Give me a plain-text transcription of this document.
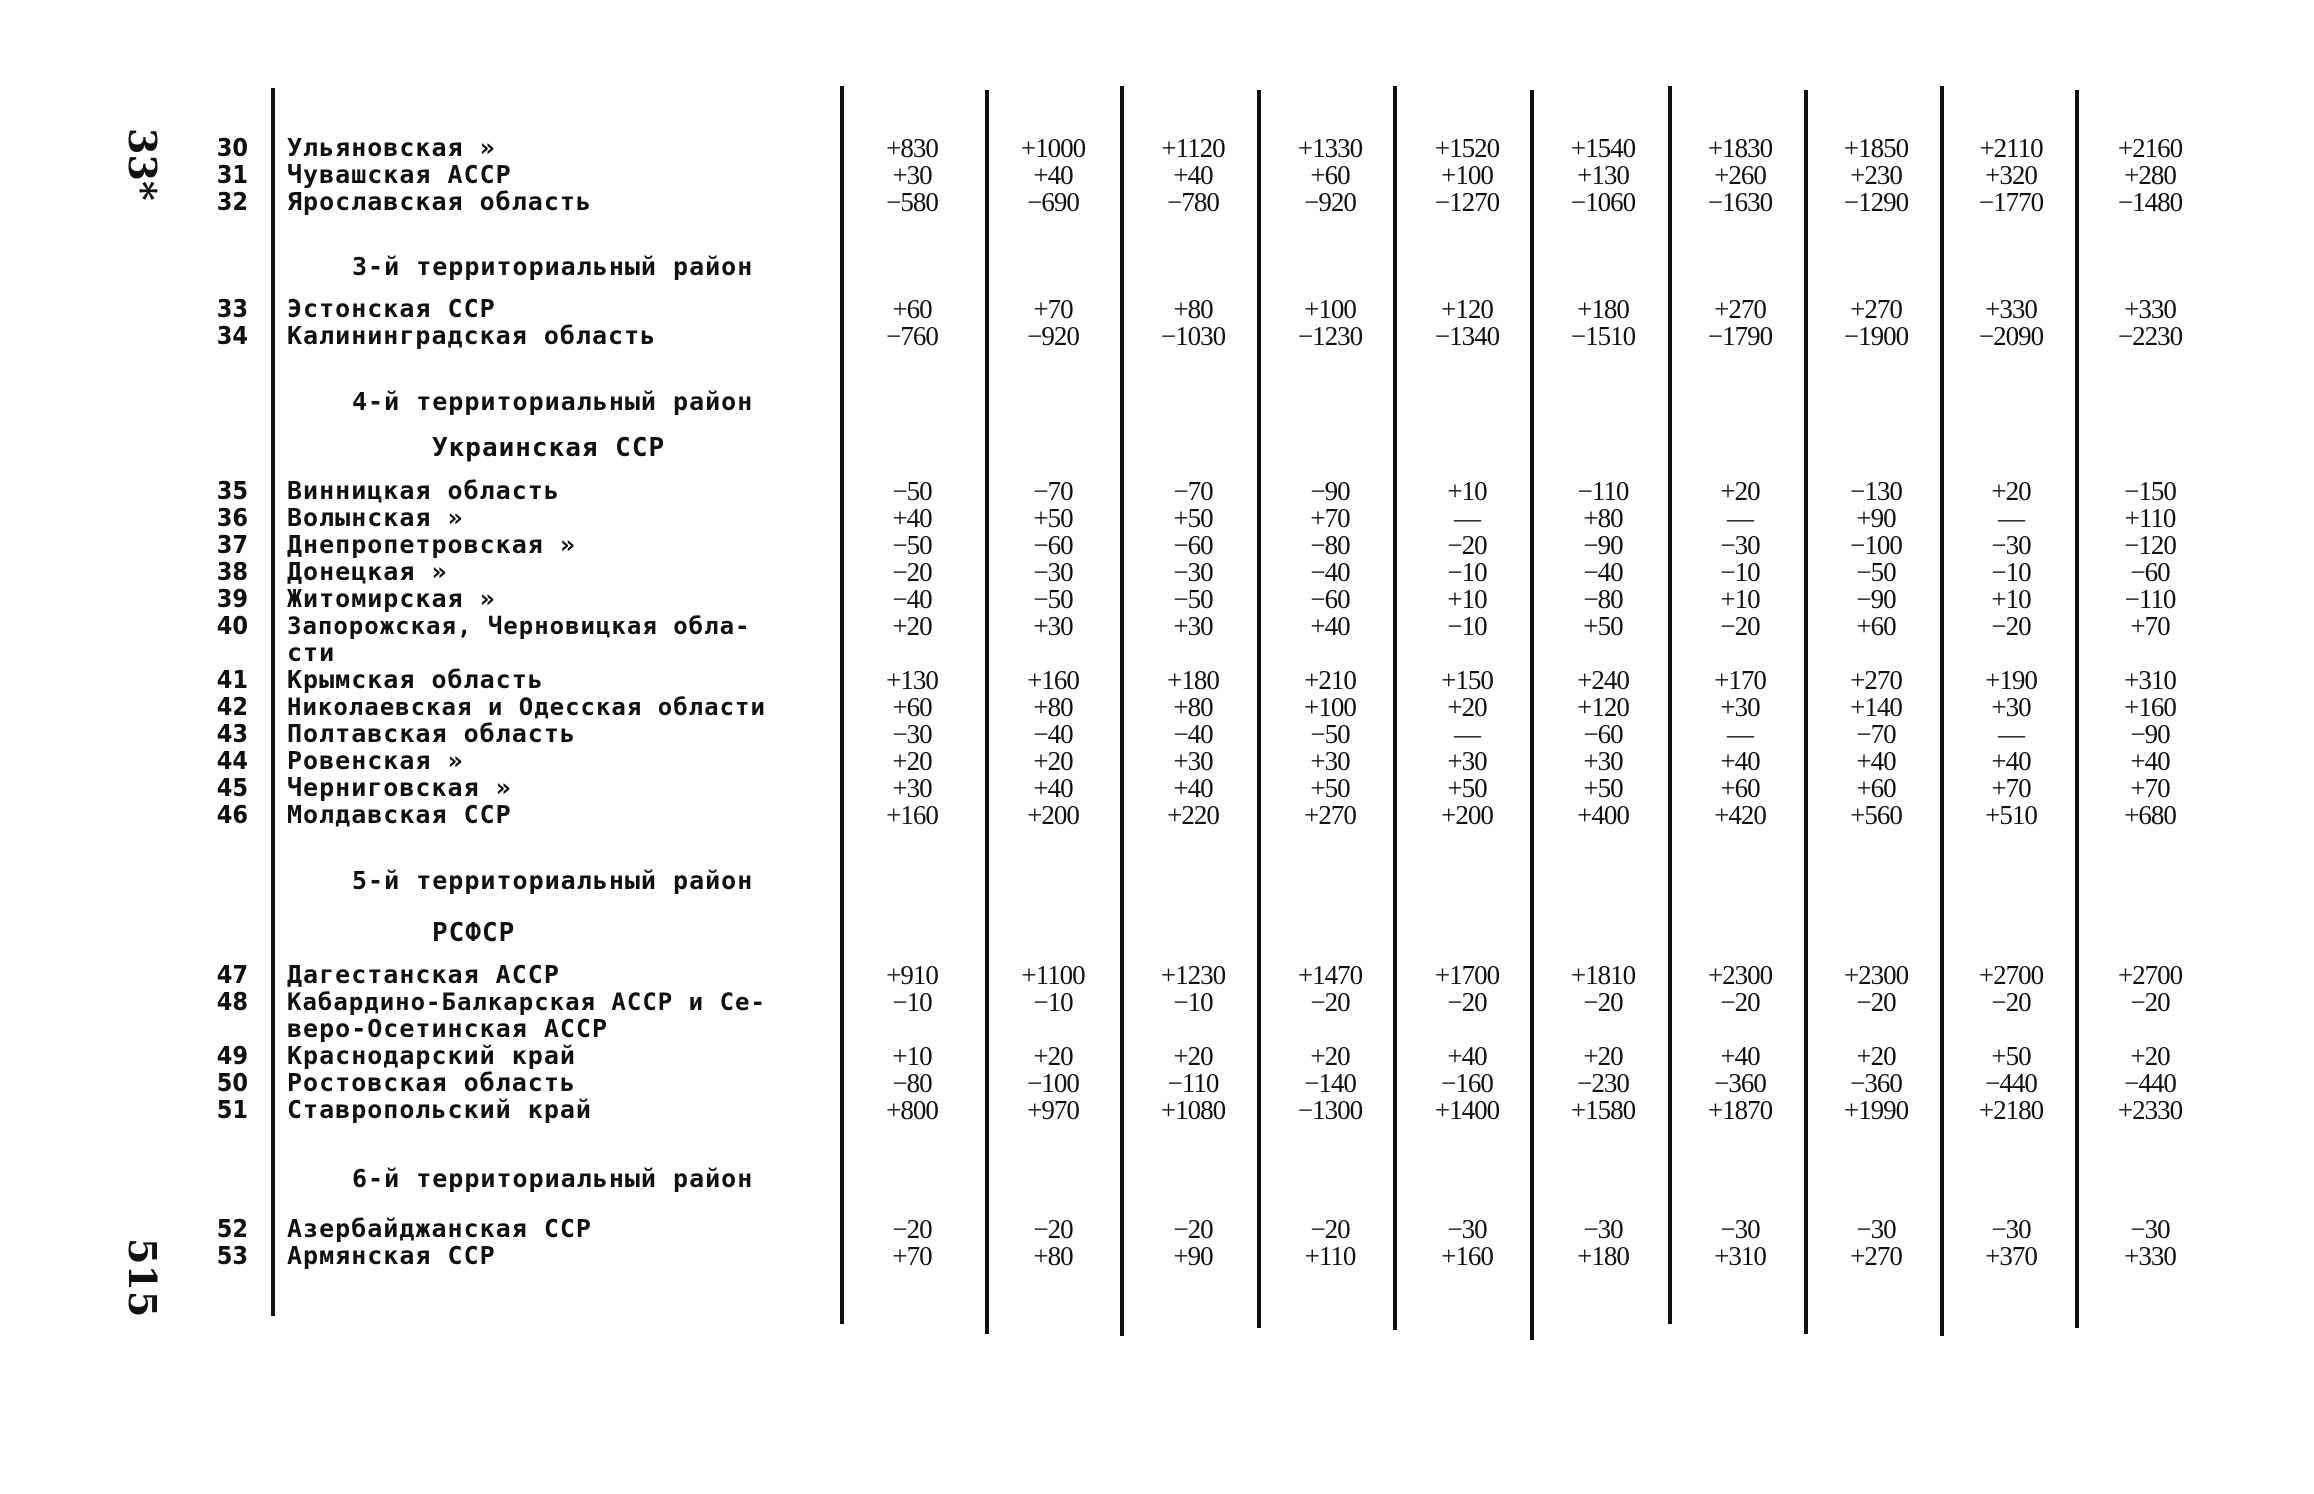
33*
515
30 Ульяновская »	+830	+1000	+1120	+1330	+1520	+1540	+1830	+1850	+2110	+2160
31 Чувашская АССР	+30	+40	+40	+60	+100	+130	+260	+230	+320	+280
32 Ярославская область	−580	−690	−780	−920	−1270	−1060	−1630	−1290	−1770	−1480
3-й территориальный район
33 Эстонская ССР	+60	+70	+80	+100	+120	+180	+270	+270	+330	+330
34 Калининградская область	−760	−920	−1030	−1230	−1340	−1510	−1790	−1900	−2090	−2230
4-й территориальный район
Украинская ССР
35 Винницкая область	−50	−70	−70	−90	+10	−110	+20	−130	+20	−150
36 Волынская »	+40	+50	+50	+70	—	+80	—	+90	—	+110
37 Днепропетровская »	−50	−60	−60	−80	−20	−90	−30	−100	−30	−120
38 Донецкая »	−20	−30	−30	−40	−10	−40	−10	−50	−10	−60
39 Житомирская »	−40	−50	−50	−60	+10	−80	+10	−90	+10	−110
40 Запорожская, Черновицкая обла-	+20	+30	+30	+40	−10	+50	−20	+60	−20	+70
сти
41 Крымская область	+130	+160	+180	+210	+150	+240	+170	+270	+190	+310
42 Николаевская и Одесская области	+60	+80	+80	+100	+20	+120	+30	+140	+30	+160
43 Полтавская область	−30	−40	−40	−50	—	−60	—	−70	—	−90
44 Ровенская »	+20	+20	+30	+30	+30	+30	+40	+40	+40	+40
45 Черниговская »	+30	+40	+40	+50	+50	+50	+60	+60	+70	+70
46 Молдавская ССР	+160	+200	+220	+270	+200	+400	+420	+560	+510	+680
5-й территориальный район
РСФСР
47 Дагестанская АССР	+910	+1100	+1230	+1470	+1700	+1810	+2300	+2300	+2700	+2700
48 Кабардино-Балкарская АССР и Се-	−10	−10	−10	−20	−20	−20	−20	−20	−20	−20
веро-Осетинская АССР
49 Краснодарский край	+10	+20	+20	+20	+40	+20	+40	+20	+50	+20
50 Ростовская область	−80	−100	−110	−140	−160	−230	−360	−360	−440	−440
51 Ставропольский край	+800	+970	+1080	−1300	+1400	+1580	+1870	+1990	+2180	+2330
6-й территориальный район
52 Азербайджанская ССР	−20	−20	−20	−20	−30	−30	−30	−30	−30	−30
53 Армянская ССР	+70	+80	+90	+110	+160	+180	+310	+270	+370	+330
